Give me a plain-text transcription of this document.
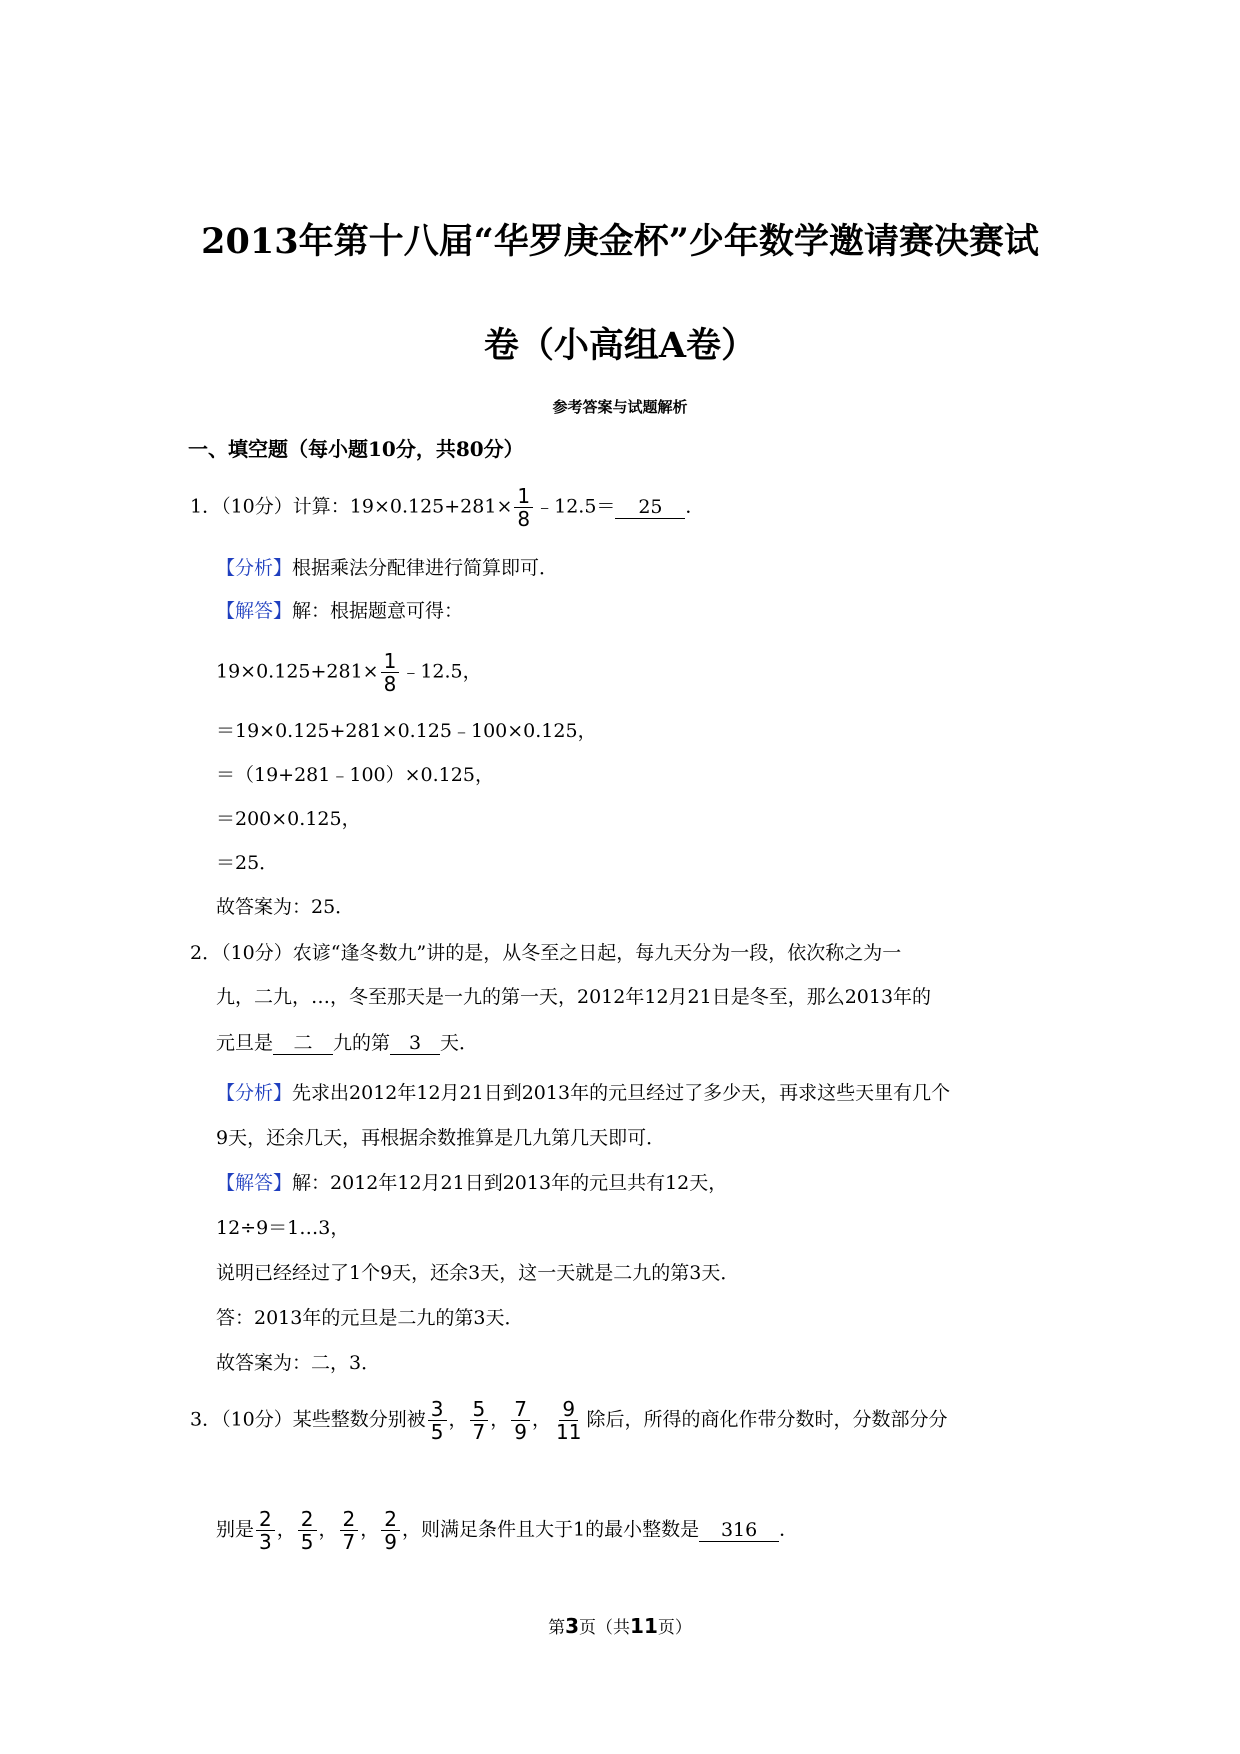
2013年第十八届“华罗庚金杯”少年数学邀请赛决赛试
卷（小高组A卷）
参考答案与试题解析
一、填空题（每小题10分，共80分）
1．（10分）计算：$19\times 0.125+281\times \frac{1}{8}$ ﹣12.5＝ 25 ．
【分析】根据乘法分配律进行简算即可．
【解答】解：根据题意可得：
$19\times 0.125+281\times \frac{1}{8}$ ﹣12.5，
＝19×0.125+281×0.125﹣100×0.125，
＝（19+281﹣100）×0.125，
＝200×0.125，
＝25．
故答案为：25．
2．（10分）农谚“逢冬数九”讲的是，从冬至之日起，每九天分为一段，依次称之为一
九，二九，…，冬至那天是一九的第一天，2012年12月21日是冬至，那么2013年的
元旦是 二 九的第 3 天．
【分析】先求出2012年12月21日到2013年的元旦经过了多少天，再求这些天里有几个
9天，还余几天，再根据余数推算是几九第几天即可．
【解答】解：2012年12月21日到2013年的元旦共有12天，
12÷9＝1…3，
说明已经经过了1个9天，还余3天，这一天就是二九的第3天．
答：2013年的元旦是二九的第3天．
故答案为：二，3．
3．（10分）某些整数分别被 $\frac{3}{5}$ ， $\frac{5}{7}$ ， $\frac{7}{9}$ ， $\frac{9}{11}$ 除后，所得的商化作带分数时，分数部分分
别是 $\frac{2}{3}$ ， $\frac{2}{5}$ ， $\frac{2}{7}$ ， $\frac{2}{9}$ ，则满足条件且大于1的最小整数是 316 ．
第3页（共11页）
